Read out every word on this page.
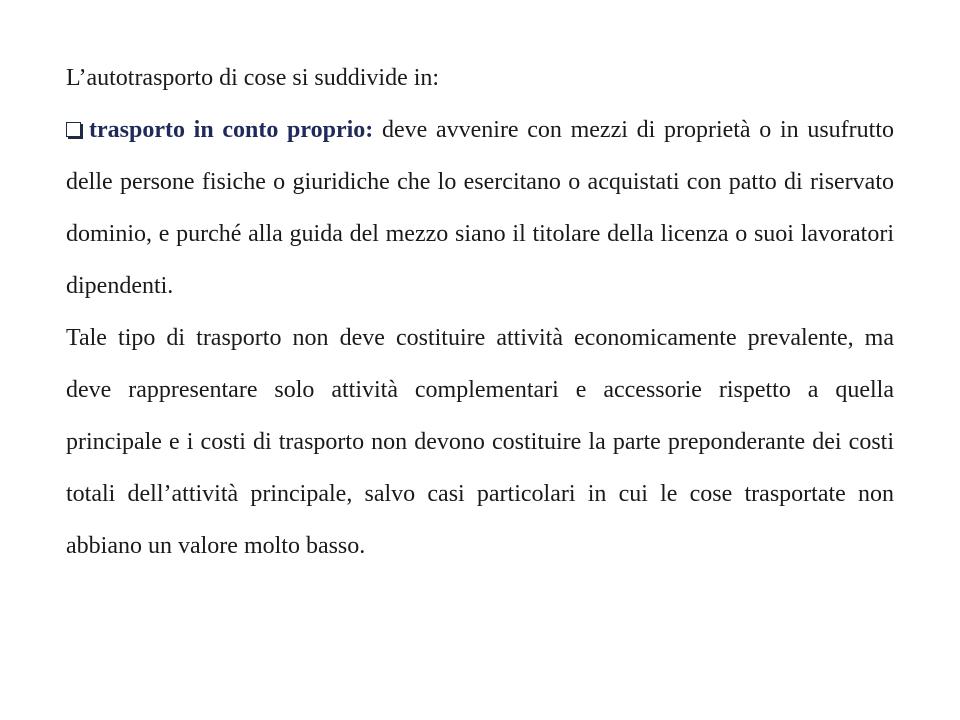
L’autotrasporto di cose si suddivide in:

trasporto in conto proprio: deve avvenire con mezzi di proprietà o in usufrutto delle persone fisiche o giuridiche che lo esercitano o acquistati con patto di riservato dominio, e purché alla guida del mezzo siano il titolare della licenza o suoi lavoratori dipendenti.

Tale tipo di trasporto non deve costituire attività economicamente prevalente, ma deve rappresentare solo attività complementari e accessorie rispetto a quella principale e i costi di trasporto non devono costituire la parte preponderante dei costi totali dell’attività principale, salvo casi particolari in cui le cose trasportate non abbiano un valore molto basso.
